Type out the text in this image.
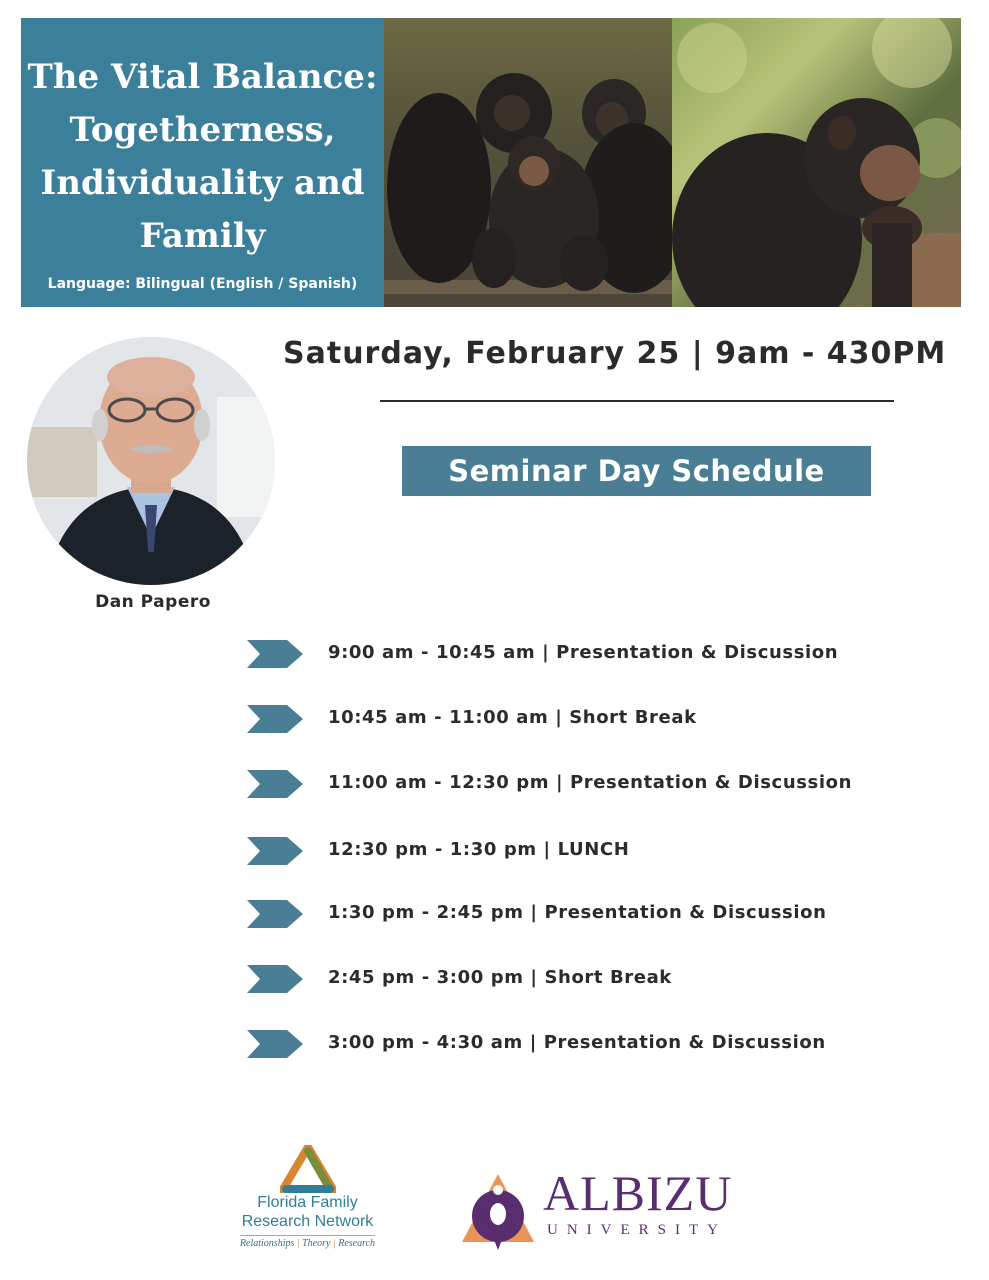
The Vital Balance:
Togetherness,
Individuality and
Family
Language: Bilingual (English / Spanish)
Dan Papero
Saturday, February 25 | 9am - 430PM
Seminar Day Schedule
9:00 am - 10:45 am | Presentation & Discussion
10:45 am - 11:00 am | Short Break
11:00 am - 12:30 pm | Presentation & Discussion
12:30 pm - 1:30 pm | LUNCH
1:30 pm - 2:45 pm | Presentation & Discussion
2:45 pm - 3:00 pm | Short Break
3:00 pm - 4:30 am | Presentation & Discussion
Florida Family
Research Network
Relationships | Theory | Research
ALBIZU
UNIVERSITY
